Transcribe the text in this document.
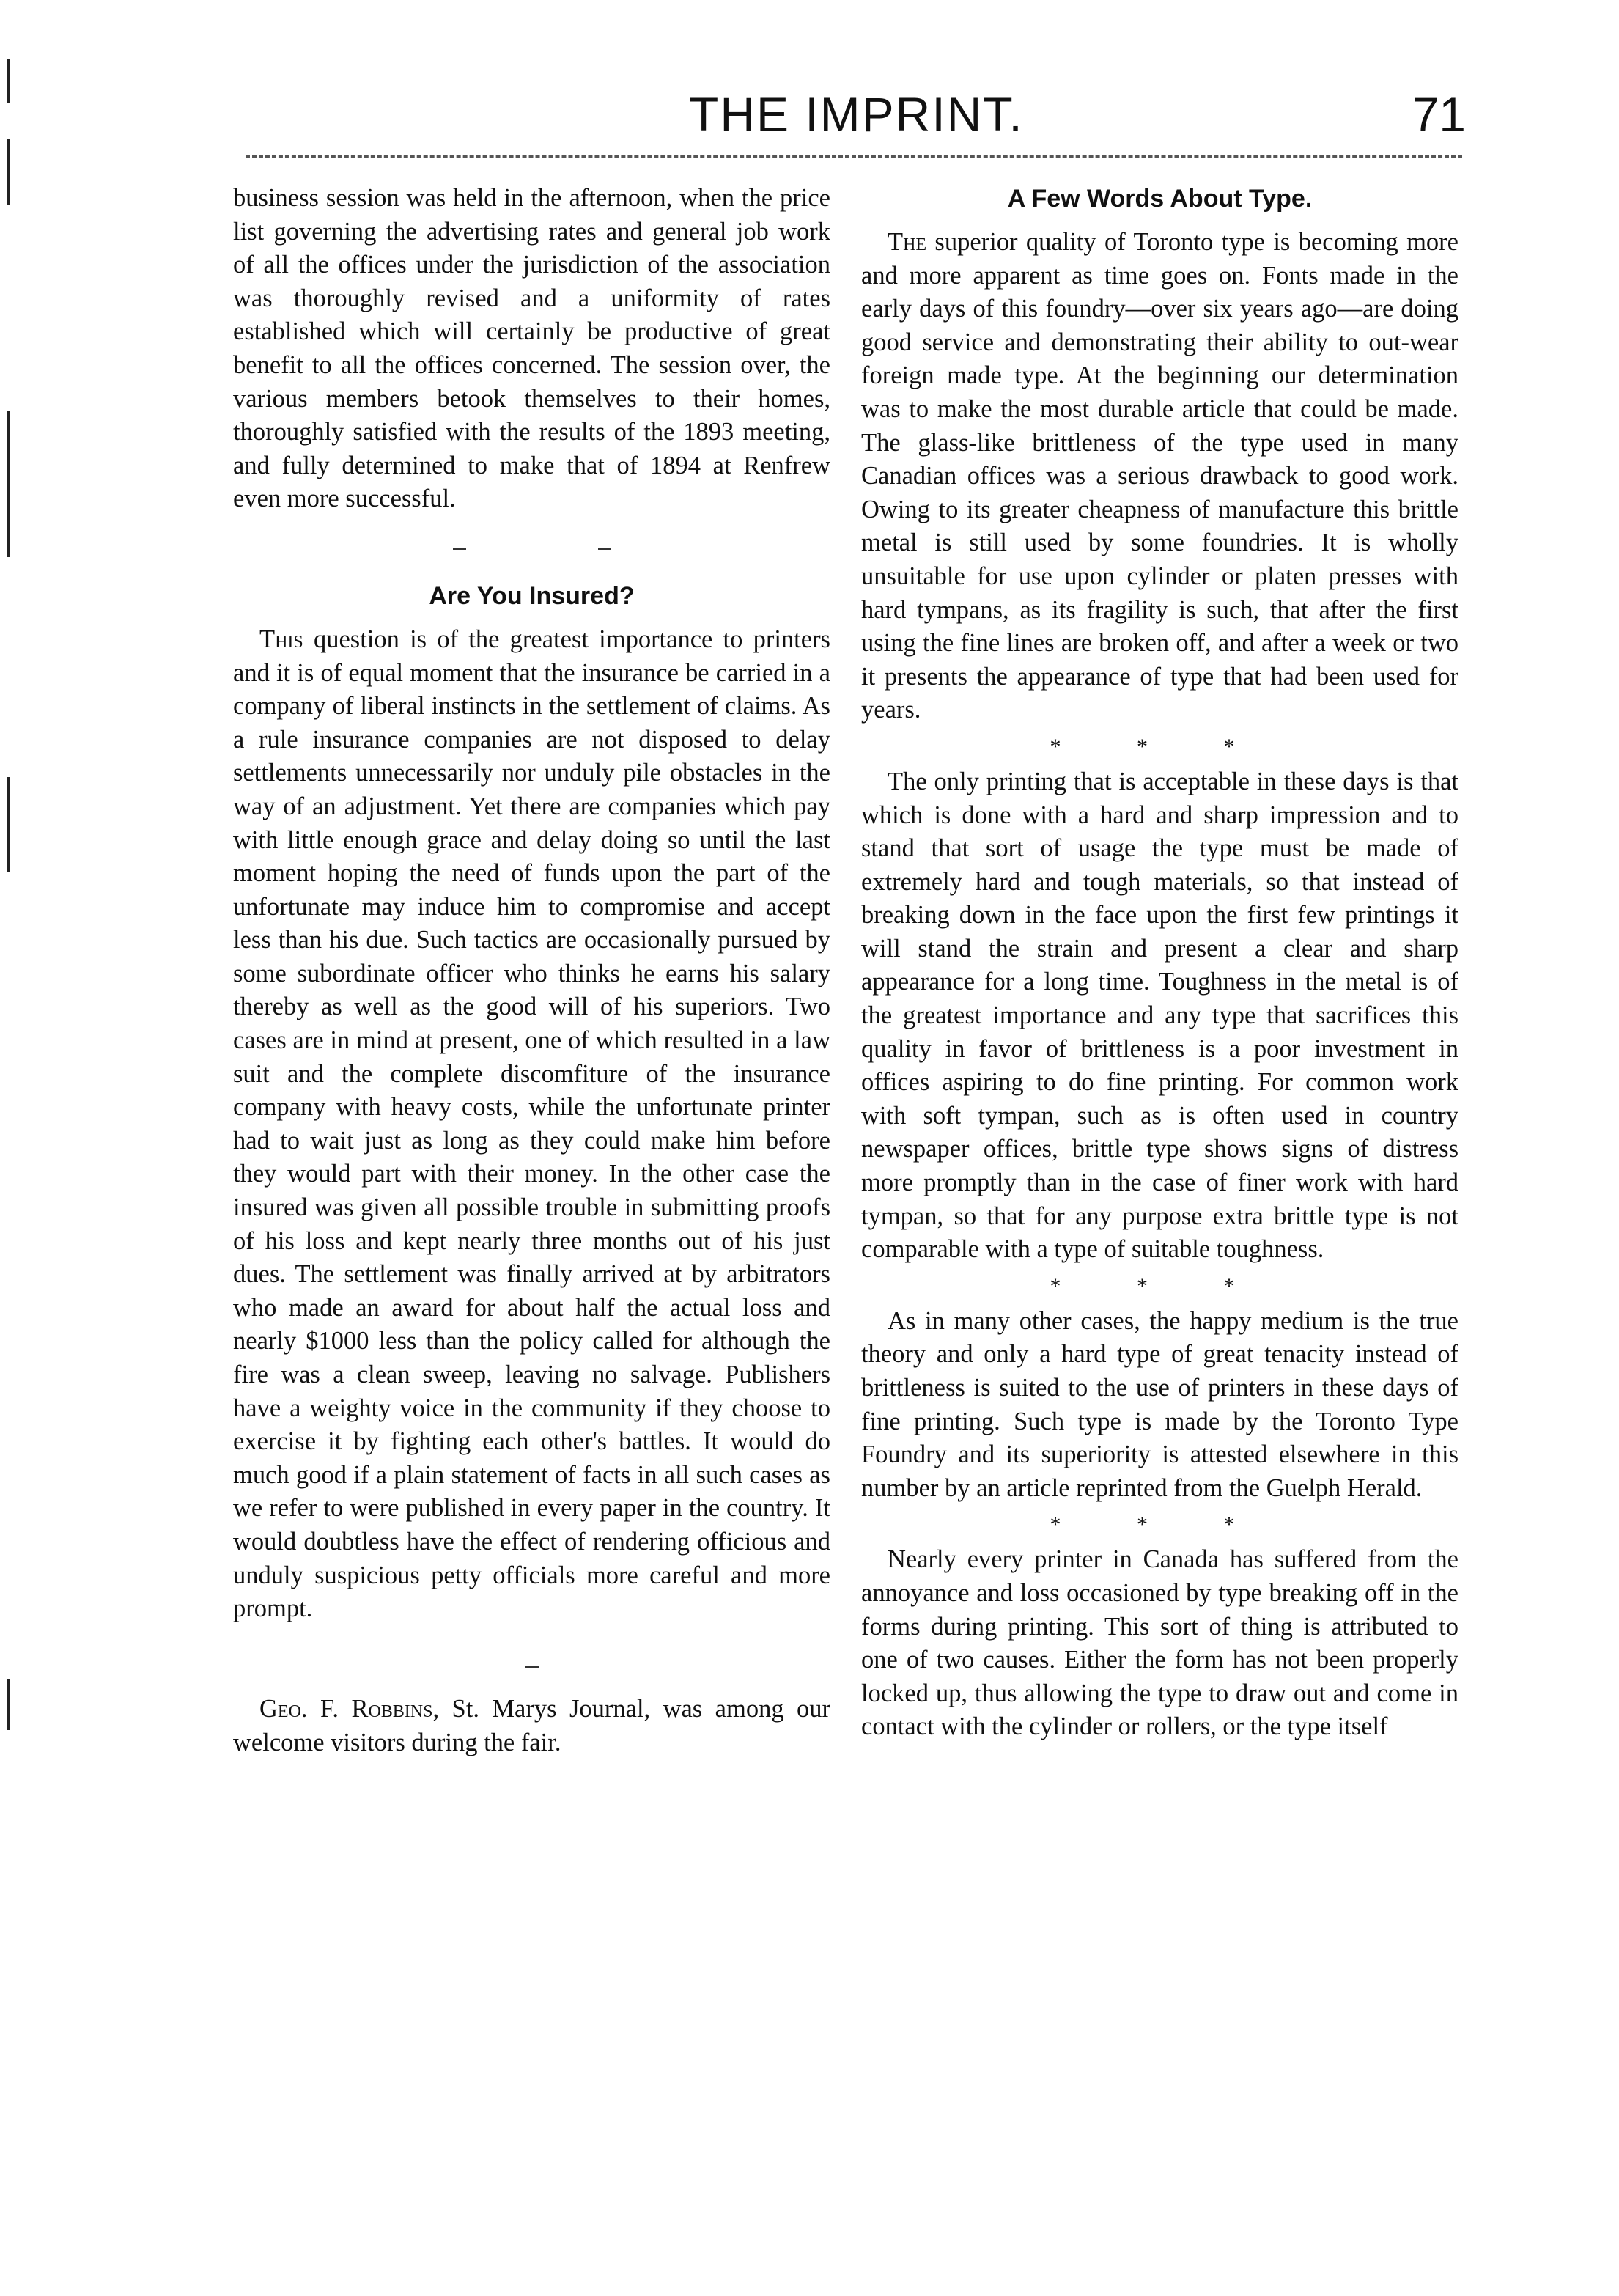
THE IMPRINT.	71

business session was held in the afternoon, when the price list governing the advertising rates and general job work of all the offices under the jurisdiction of the association was thoroughly revised and a uniformity of rates established which will certainly be productive of great benefit to all the offices concerned. The session over, the various members betook themselves to their homes, thoroughly satisfied with the results of the 1893 meeting, and fully determined to make that of 1894 at Renfrew even more successful.

Are You Insured?

This question is of the greatest importance to printers and it is of equal moment that the insurance be carried in a company of liberal instincts in the settlement of claims. As a rule insurance companies are not disposed to delay settlements unnecessarily nor unduly pile obstacles in the way of an adjustment. Yet there are companies which pay with little enough grace and delay doing so until the last moment hoping the need of funds upon the part of the unfortunate may induce him to compromise and accept less than his due. Such tactics are occasionally pursued by some subordinate officer who thinks he earns his salary thereby as well as the good will of his superiors. Two cases are in mind at present, one of which resulted in a law suit and the complete discomfiture of the insurance company with heavy costs, while the unfortunate printer had to wait just as long as they could make him before they would part with their money. In the other case the insured was given all possible trouble in submitting proofs of his loss and kept nearly three months out of his just dues. The settlement was finally arrived at by arbitrators who made an award for about half the actual loss and nearly $1000 less than the policy called for although the fire was a clean sweep, leaving no salvage. Publishers have a weighty voice in the community if they choose to exercise it by fighting each other's battles. It would do much good if a plain statement of facts in all such cases as we refer to were published in every paper in the country. It would doubtless have the effect of rendering officious and unduly suspicious petty officials more careful and more prompt.

Geo. F. Robbins, St. Marys Journal, was among our welcome visitors during the fair.

A Few Words About Type.

The superior quality of Toronto type is becoming more and more apparent as time goes on. Fonts made in the early days of this foundry—over six years ago—are doing good service and demonstrating their ability to out-wear foreign made type. At the beginning our determination was to make the most durable article that could be made. The glass-like brittleness of the type used in many Canadian offices was a serious drawback to good work. Owing to its greater cheapness of manufacture this brittle metal is still used by some foundries. It is wholly unsuitable for use upon cylinder or platen presses with hard tympans, as its fragility is such, that after the first using the fine lines are broken off, and after a week or two it presents the appearance of type that had been used for years.

* * *

The only printing that is acceptable in these days is that which is done with a hard and sharp impression and to stand that sort of usage the type must be made of extremely hard and tough materials, so that instead of breaking down in the face upon the first few printings it will stand the strain and present a clear and sharp appearance for a long time. Toughness in the metal is of the greatest importance and any type that sacrifices this quality in favor of brittleness is a poor investment in offices aspiring to do fine printing. For common work with soft tympan, such as is often used in country newspaper offices, brittle type shows signs of distress more promptly than in the case of finer work with hard tympan, so that for any purpose extra brittle type is not comparable with a type of suitable toughness.

* * *

As in many other cases, the happy medium is the true theory and only a hard type of great tenacity instead of brittleness is suited to the use of printers in these days of fine printing. Such type is made by the Toronto Type Foundry and its superiority is attested elsewhere in this number by an article reprinted from the Guelph Herald.

* * *

Nearly every printer in Canada has suffered from the annoyance and loss occasioned by type breaking off in the forms during printing. This sort of thing is attributed to one of two causes. Either the form has not been properly locked up, thus allowing the type to draw out and come in contact with the cylinder or rollers, or the type itself
